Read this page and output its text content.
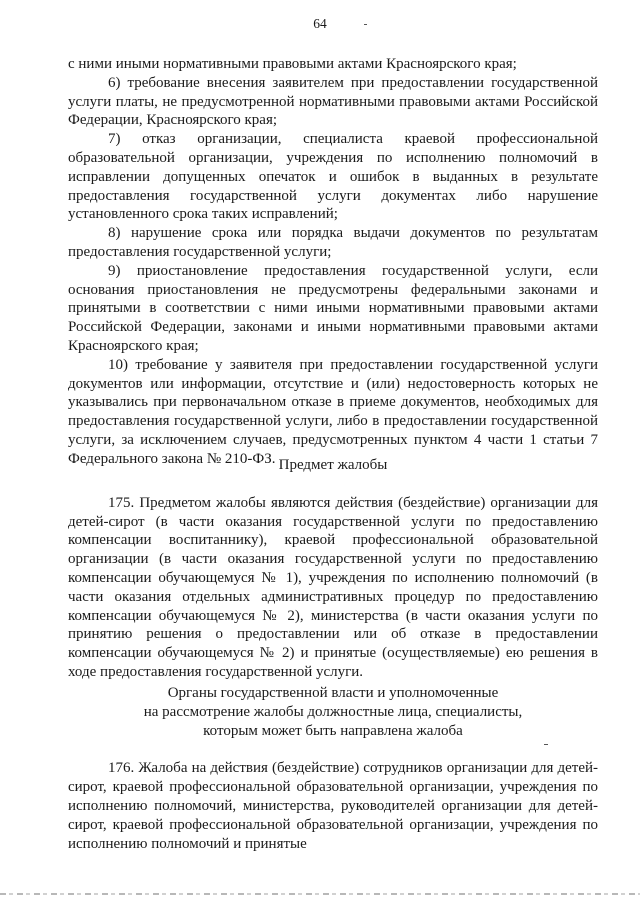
64

с ними иными нормативными правовыми актами Красноярского края;

6) требование внесения заявителем при предоставлении государственной услуги платы, не предусмотренной нормативными правовыми актами Российской Федерации, Красноярского края;

7) отказ организации, специалиста краевой профессиональной образовательной организации, учреждения по исполнению полномочий в исправлении допущенных опечаток и ошибок в выданных в результате предоставления государственной услуги документах либо нарушение установленного срока таких исправлений;

8) нарушение срока или порядка выдачи документов по результатам предоставления государственной услуги;

9) приостановление предоставления государственной услуги, если основания приостановления не предусмотрены федеральными законами и принятыми в соответствии с ними иными нормативными правовыми актами Российской Федерации, законами и иными нормативными правовыми актами Красноярского края;

10) требование у заявителя при предоставлении государственной услуги документов или информации, отсутствие и (или) недостоверность которых не указывались при первоначальном отказе в приеме документов, необходимых для предоставления государственной услуги, либо в предоставлении государственной услуги, за исключением случаев, предусмотренных пунктом 4 части 1 статьи 7 Федерального закона № 210-ФЗ. Предмет жалобы

175. Предметом жалобы являются действия (бездействие) организации для детей-сирот (в части оказания государственной услуги по предоставлению компенсации воспитаннику), краевой профессиональной образовательной организации (в части оказания государственной услуги по предоставлению компенсации обучающемуся № 1), учреждения по исполнению полномочий (в части оказания отдельных административных процедур по предоставлению компенсации обучающемуся № 2), министерства (в части оказания услуги по принятию решения о предоставлении или об отказе в предоставлении компенсации обучающемуся № 2) и принятые (осуществляемые) ею решения в ходе предоставления государственной услуги.

Органы государственной власти и уполномоченные

на рассмотрение жалобы должностные лица, специалисты,

которым может быть направлена жалоба

176. Жалоба на действия (бездействие) сотрудников организации для детей-сирот, краевой профессиональной образовательной организации, учреждения по исполнению полномочий, министерства, руководителей организации для детей-сирот, краевой профессиональной образовательной организации, учреждения по исполнению полномочий и принятые
